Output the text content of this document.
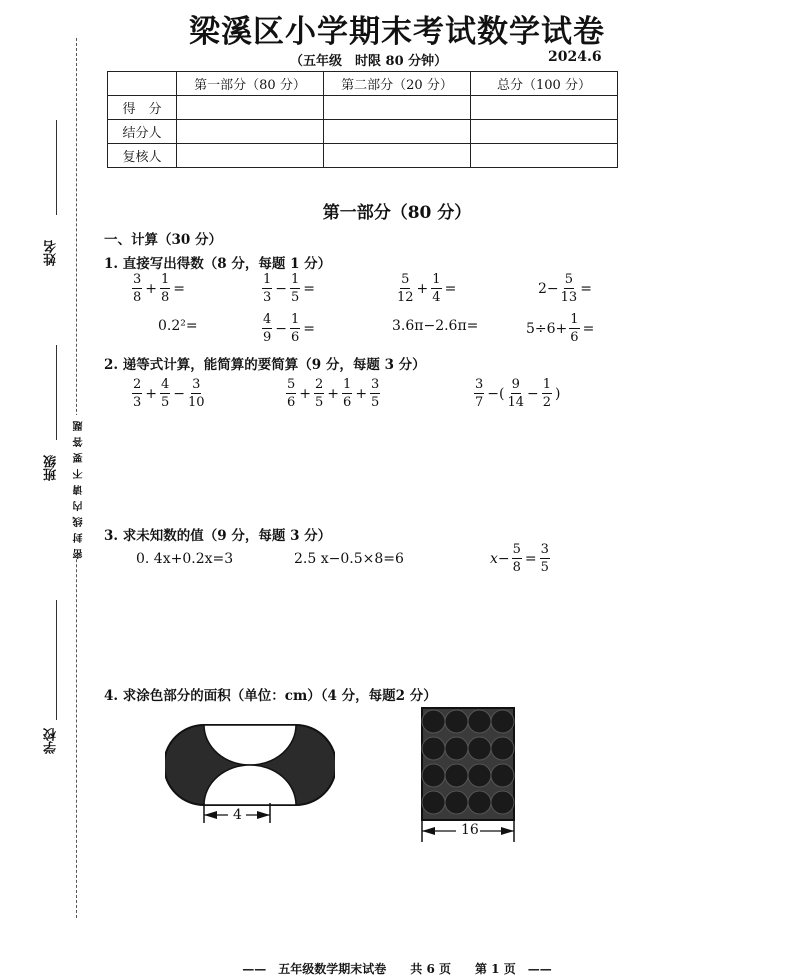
姓名
班级
学校
密封线内请不要答题
梁溪区小学期末考试数学试卷
（五年级　时限 80 分钟）	2024.6
	第一部分（80 分）	第二部分（20 分）	总分（100 分）
得　分			
结分人			
复核人			
第一部分（80 分）
一、计算（30 分）
1. 直接写出得数（8 分，每题 1 分）
$\frac{3}{8} + \frac{1}{8}$ =	$\frac{1}{3} - \frac{1}{5}$ =	$\frac{5}{12} + \frac{1}{4}$ =	$2- \frac{5}{13}$ =
0.2²=	$\frac{4}{9} - \frac{1}{6}$ =	3.6π−2.6π=	$5\div 6+ \frac{1}{6}$ =
2. 递等式计算，能简算的要简算（9 分，每题 3 分）
$\frac{2}{3} + \frac{4}{5} - \frac{3}{10}$	$\frac{5}{6} + \frac{2}{5} + \frac{1}{6} + \frac{3}{5}$	$\frac{3}{7}$ −( $\frac{9}{14} - \frac{1}{2}$ )
3. 求未知数的值（9 分，每题 3 分）
0. 4x+0.2x=3	2.5 x−0.5×8=6	$x- \frac{5}{8} = \frac{3}{5}$
4. 求涂色部分的面积（单位：cm）（4 分，每题2 分）
4
16
——　五年级数学期末试卷　　共 6 页　　第 1 页　——
